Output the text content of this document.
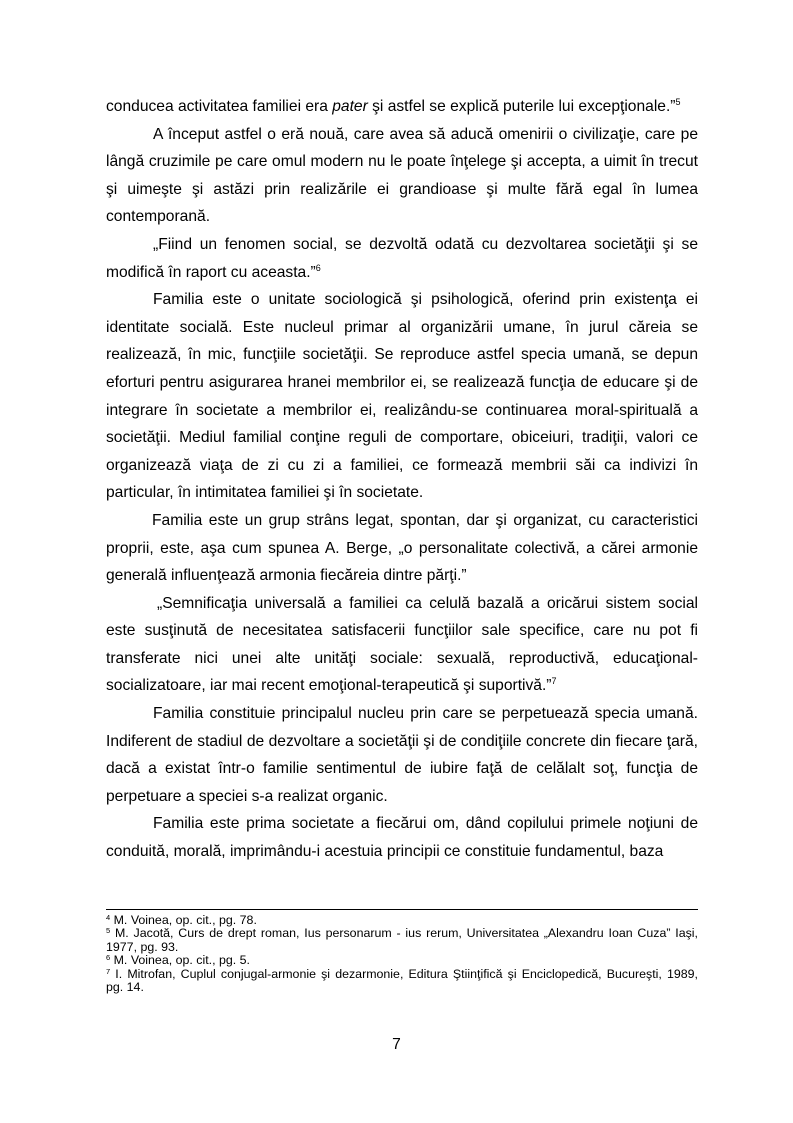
conducea activitatea familiei era pater şi astfel se explică puterile lui excepţionale.”$^5$

A început astfel o eră nouă, care avea să aducă omenirii o civilizaţie, care pe lângă cruzimile pe care omul modern nu le poate înţelege şi accepta, a uimit în trecut şi uimeşte şi astăzi prin realizările ei grandioase şi multe fără egal în lumea contemporană.

„Fiind un fenomen social, se dezvoltă odată cu dezvoltarea societăţii şi se modifică în raport cu aceasta.”$^6$

Familia este o unitate sociologică şi psihologică, oferind prin existenţa ei identitate socială. Este nucleul primar al organizării umane, în jurul căreia se realizează, în mic, funcţiile societăţii. Se reproduce astfel specia umană, se depun eforturi pentru asigurarea hranei membrilor ei, se realizează funcţia de educare şi de integrare în societate a membrilor ei, realizându-se continuarea moral-spirituală a societăţii. Mediul familial conţine reguli de comportare, obiceiuri, tradiţii, valori ce organizează viaţa de zi cu zi a familiei, ce formează membrii săi ca indivizi în particular, în intimitatea familiei şi în societate.

Familia este un grup strâns legat, spontan, dar şi organizat, cu caracteristici proprii, este, aşa cum spunea A. Berge, „o personalitate colectivă, a cărei armonie generală influenţează armonia fiecăreia dintre părţi.”

„Semnificaţia universală a familiei ca celulă bazală a oricărui sistem social este susţinută de necesitatea satisfacerii funcţiilor sale specifice, care nu pot fi transferate nici unei alte unităţi sociale: sexuală, reproductivă, educaţional-socializatoare, iar mai recent emoţional-terapeutică şi suportivă.”$^7$

Familia constituie principalul nucleu prin care se perpetuează specia umană. Indiferent de stadiul de dezvoltare a societăţii şi de condiţiile concrete din fiecare ţară, dacă a existat într-o familie sentimentul de iubire faţă de celălalt soţ, funcţia de perpetuare a speciei s-a realizat organic.

Familia este prima societate a fiecărui om, dând copilului primele noţiuni de conduită, morală, imprimându-i acestuia principii ce constituie fundamentul, baza

$^4$ M. Voinea, op. cit., pg. 78.

$^5$ M. Jacotă, Curs de drept roman, Ius personarum - ius rerum, Universitatea „Alexandru Ioan Cuza” Iaşi, 1977, pg. 93.

$^6$ M. Voinea, op. cit., pg. 5.

$^7$ I. Mitrofan, Cuplul conjugal-armonie şi dezarmonie, Editura Ştiinţifică şi Enciclopedică, Bucureşti, 1989, pg. 14.

7
